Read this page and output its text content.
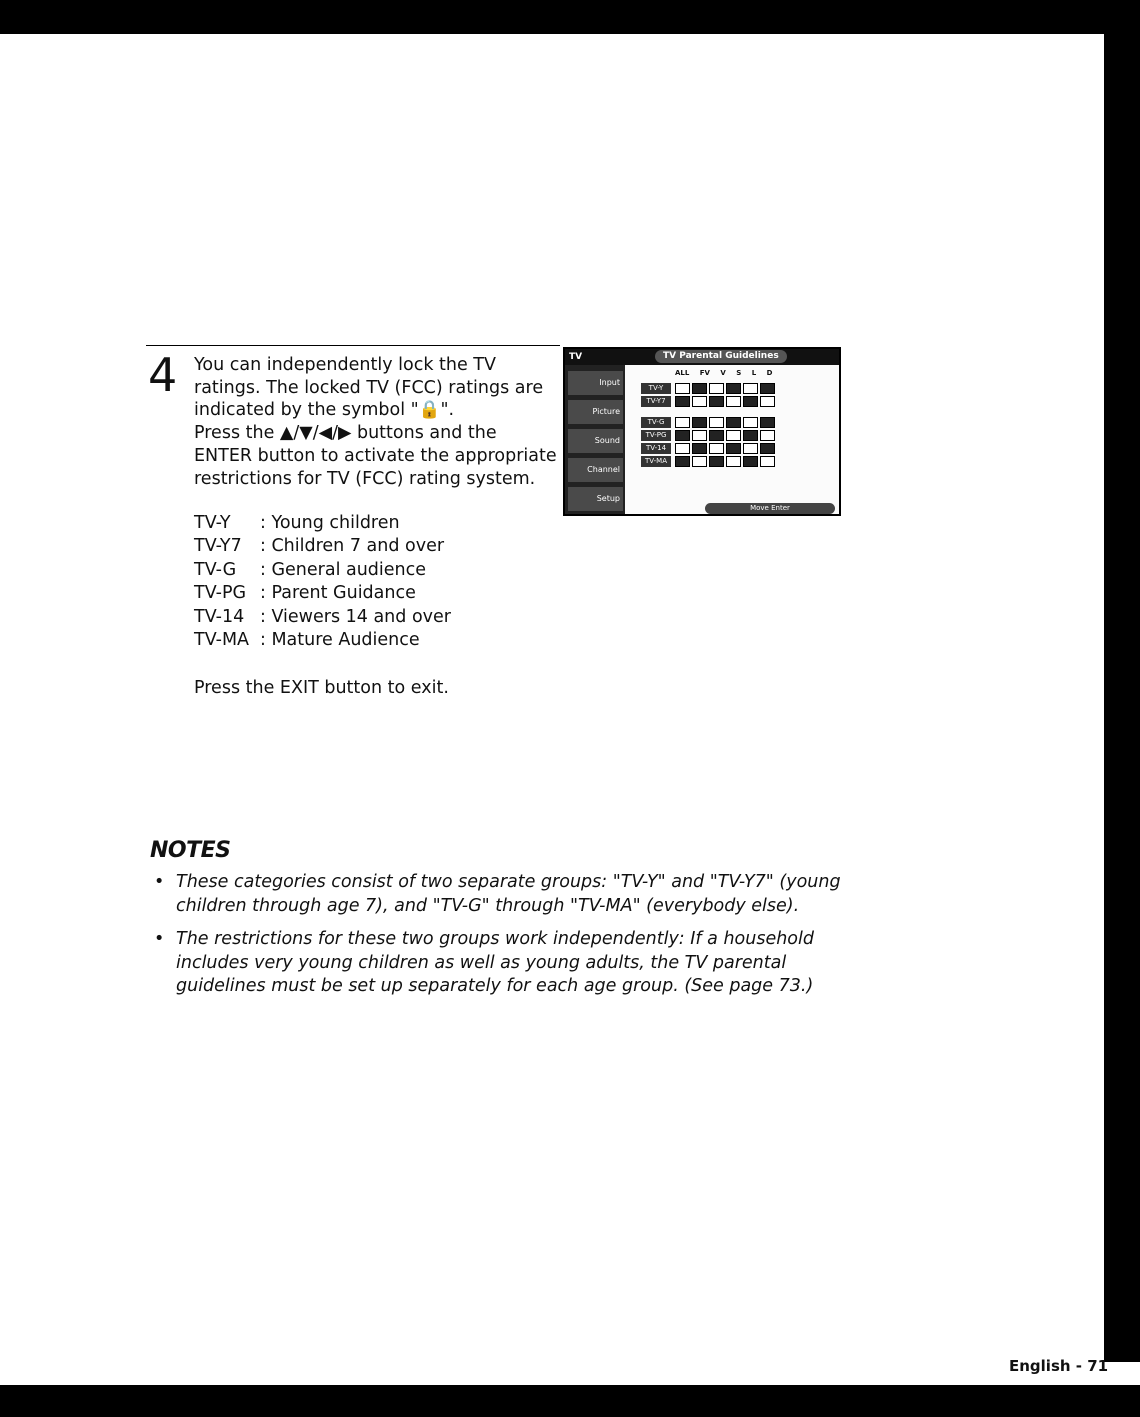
4 You can independently lock the TV
ratings. The locked TV (FCC) ratings are
indicated by the symbol "🔒".
Press the ▲/▼/◀/▶ buttons and the
ENTER button to activate the appropriate
restrictions for TV (FCC) rating system.
TV-Y	: Young children
TV-Y7	: Children 7 and over
TV-G	: General audience
TV-PG : Parent Guidance
TV-14 : Viewers 14 and over
TV-MA : Mature Audience
Press the EXIT button to exit.
NOTES
• These categories consist of two separate groups: "TV-Y" and "TV-Y7" (young children through age 7), and "TV-G" through "TV-MA" (everybody else).
• The restrictions for these two groups work independently: If a household includes very young children as well as young adults, the TV parental guidelines must be set up separately for each age group. (See page 73.)
TV	TV Parental Guidelines
Input
Picture
Sound
Channel
Setup
ALL FV V S L D
TV-Y
TV-Y7
TV-G
TV-PG
TV-14
TV-MA
Move Enter
English - 71
